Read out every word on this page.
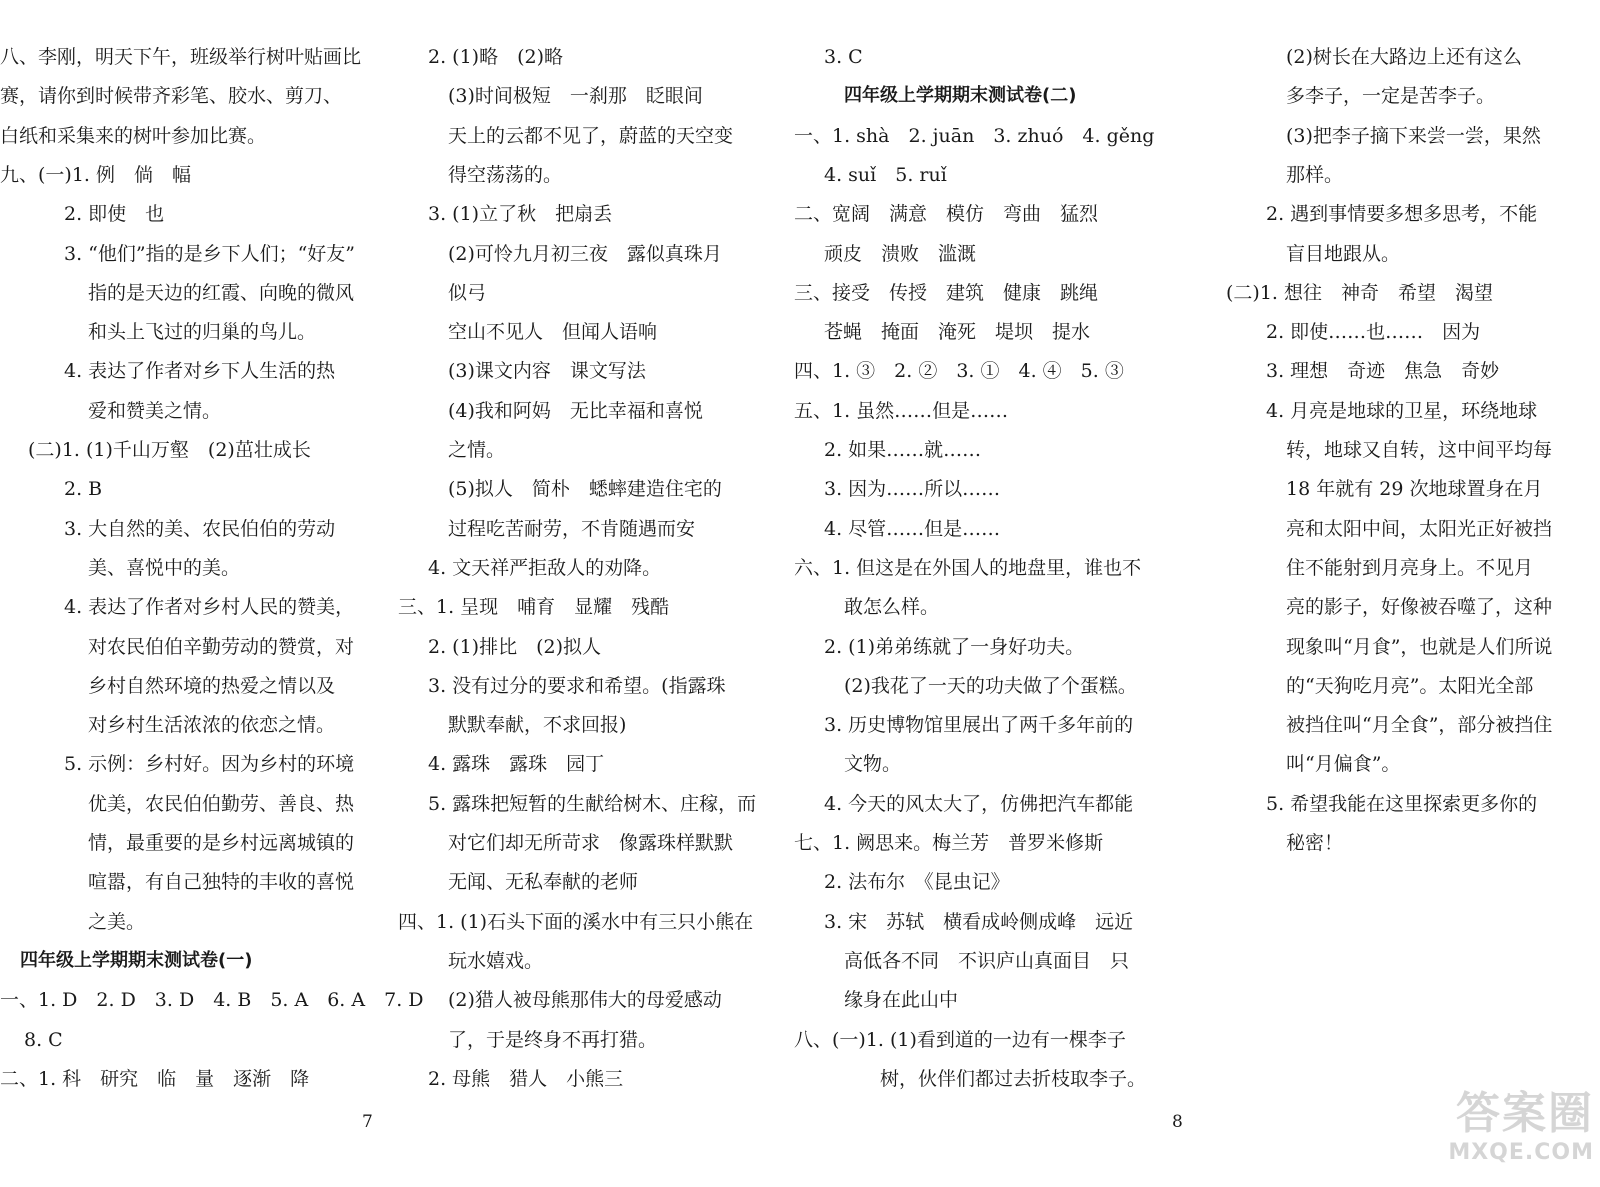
八、李刚，明天下午，班级举行树叶贴画比
赛，请你到时候带齐彩笔、胶水、剪刀、
白纸和采集来的树叶参加比赛。
九、(一)1. 例　倘　幅
2. 即使　也
3. “他们”指的是乡下人们；“好友”
指的是天边的红霞、向晚的微风
和头上飞过的归巢的鸟儿。
4. 表达了作者对乡下人生活的热
爱和赞美之情。
(二)1. (1)千山万壑　(2)茁壮成长
2. B
3. 大自然的美、农民伯伯的劳动
美、喜悦中的美。
4. 表达了作者对乡村人民的赞美，
对农民伯伯辛勤劳动的赞赏，对
乡村自然环境的热爱之情以及
对乡村生活浓浓的依恋之情。
5. 示例：乡村好。因为乡村的环境
优美，农民伯伯勤劳、善良、热
情，最重要的是乡村远离城镇的
喧嚣，有自己独特的丰收的喜悦
之美。
四年级上学期期末测试卷(一)
一、1. D　2. D　3. D　4. B　5. A　6. A　7. D
8. C
二、1. 科　研究　临　量　逐渐　降
2. (1)略　(2)略
(3)时间极短　一刹那　眨眼间
天上的云都不见了，蔚蓝的天空变
得空荡荡的。
3. (1)立了秋　把扇丢
(2)可怜九月初三夜　露似真珠月
似弓
空山不见人　但闻人语响
(3)课文内容　课文写法
(4)我和阿妈　无比幸福和喜悦
之情。
(5)拟人　简朴　蟋蟀建造住宅的
过程吃苦耐劳，不肯随遇而安
4. 文天祥严拒敌人的劝降。
三、1. 呈现　哺育　显耀　残酷
2. (1)排比　(2)拟人
3. 没有过分的要求和希望。(指露珠
默默奉献，不求回报)
4. 露珠　露珠　园丁
5. 露珠把短暂的生献给树木、庄稼，而
对它们却无所苛求　像露珠样默默
无闻、无私奉献的老师
四、1. (1)石头下面的溪水中有三只小熊在
玩水嬉戏。
(2)猎人被母熊那伟大的母爱感动
了，于是终身不再打猎。
2. 母熊　猎人　小熊三
7
3. C
四年级上学期期末测试卷(二)
一、1. shà　2. juān　3. zhuó　4. gěng
4. suǐ　5. ruǐ
二、宽阔　满意　模仿　弯曲　猛烈
顽皮　溃败　滥溉
三、接受　传授　建筑　健康　跳绳
苍蝇　掩面　淹死　堤坝　提水
四、1. ③　2. ②　3. ①　4. ④　5. ③
五、1. 虽然……但是……
2. 如果……就……
3. 因为……所以……
4. 尽管……但是……
六、1. 但这是在外国人的地盘里，谁也不
敢怎么样。
2. (1)弟弟练就了一身好功夫。
(2)我花了一天的功夫做了个蛋糕。
3. 历史博物馆里展出了两千多年前的
文物。
4. 今天的风太大了，仿佛把汽车都能
七、1. 阙思来。梅兰芳　普罗米修斯
2. 法布尔　《昆虫记》
3. 宋　苏轼　横看成岭侧成峰　远近
高低各不同　不识庐山真面目　只
缘身在此山中
八、(一)1. (1)看到道的一边有一棵李子
树，伙伴们都过去折枝取李子。
(2)树长在大路边上还有这么
多李子，一定是苦李子。
(3)把李子摘下来尝一尝，果然
那样。
2. 遇到事情要多想多思考，不能
盲目地跟从。
(二)1. 想往　神奇　希望　渴望
2. 即使……也……　因为
3. 理想　奇迹　焦急　奇妙
4. 月亮是地球的卫星，环绕地球
转，地球又自转，这中间平均每
18 年就有 29 次地球置身在月
亮和太阳中间，太阳光正好被挡
住不能射到月亮身上。不见月
亮的影子，好像被吞噬了，这种
现象叫“月食”，也就是人们所说
的“天狗吃月亮”。太阳光全部
被挡住叫“月全食”，部分被挡住
叫“月偏食”。
5. 希望我能在这里探索更多你的
秘密！
8	答案圈
MXQE.COM
